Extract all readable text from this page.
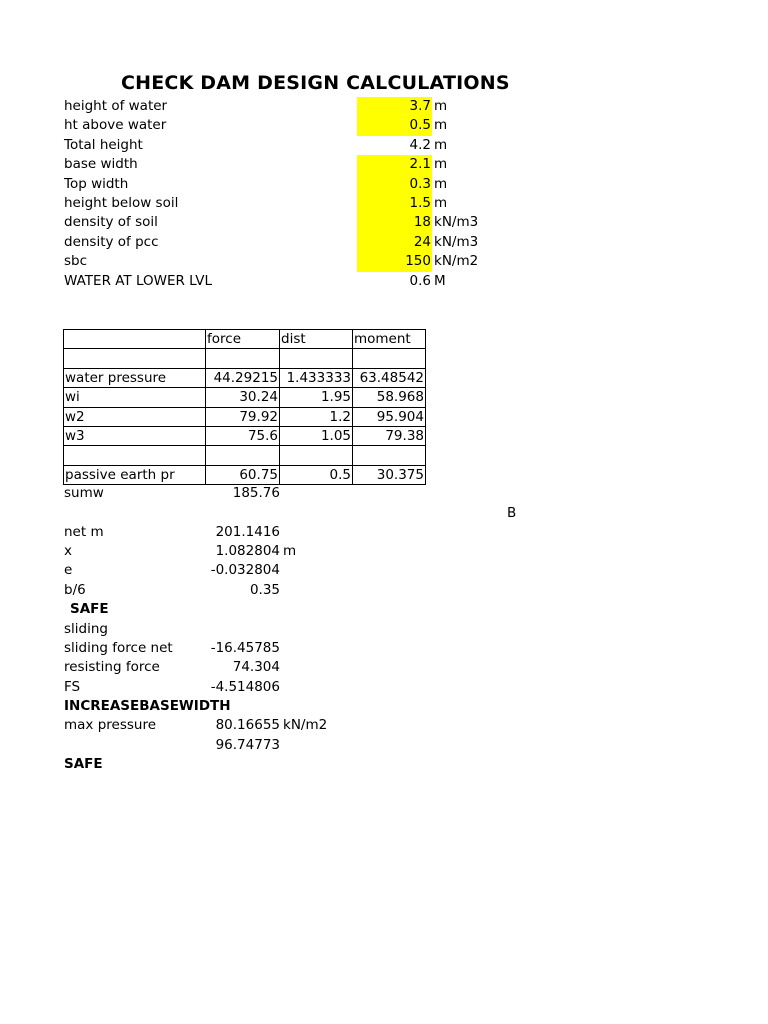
CHECK DAM DESIGN CALCULATIONS
height of water	3.7 m
ht above water	0.5 m
Total height	4.2 m
base width	2.1 m
Top width	0.3 m
height below soil	1.5 m
density of soil	18 kN/m3
density of pcc	24 kN/m3
sbc	150 kN/m2
WATER AT LOWER LVL	0.6 M
	force	dist	moment

water pressure	44.29215	1.433333	63.48542
wi	30.24	1.95	58.968
w2	79.92	1.2	95.904
w3	75.6	1.05	79.38

passive earth pr	60.75	0.5	30.375
sumw	185.76
B
net m	201.1416
x	1.082804 m
e	-0.032804
b/6	0.35
SAFE
sliding
sliding force net	-16.45785
resisting force	74.304
FS	-4.514806
INCREASEBASEWIDTH
max pressure	80.16655 kN/m2
96.74773
SAFE
